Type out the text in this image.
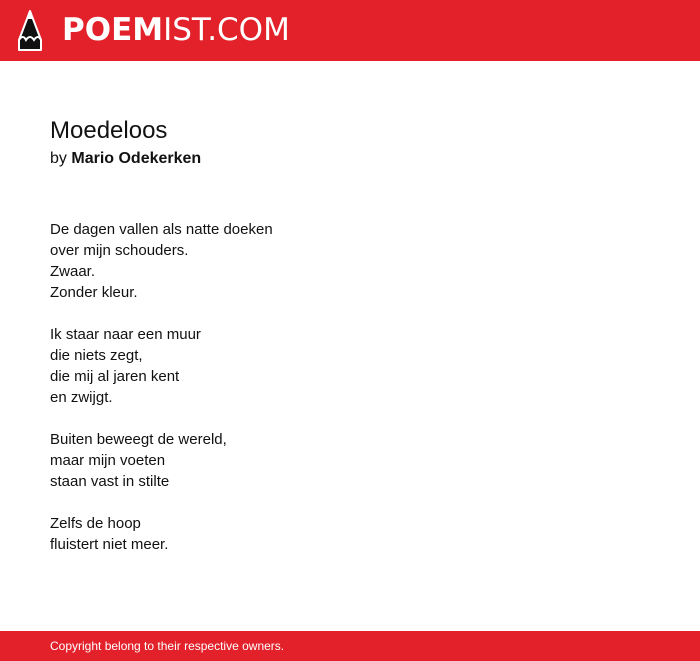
POEMIST.COM
Moedeloos
by Mario Odekerken
De dagen vallen als natte doeken
over mijn schouders.
Zwaar.
Zonder kleur.
Ik staar naar een muur
die niets zegt,
die mij al jaren kent
en zwijgt.
Buiten beweegt de wereld,
maar mijn voeten
staan vast in stilte
Zelfs de hoop
fluistert niet meer.
Copyright belong to their respective owners.
